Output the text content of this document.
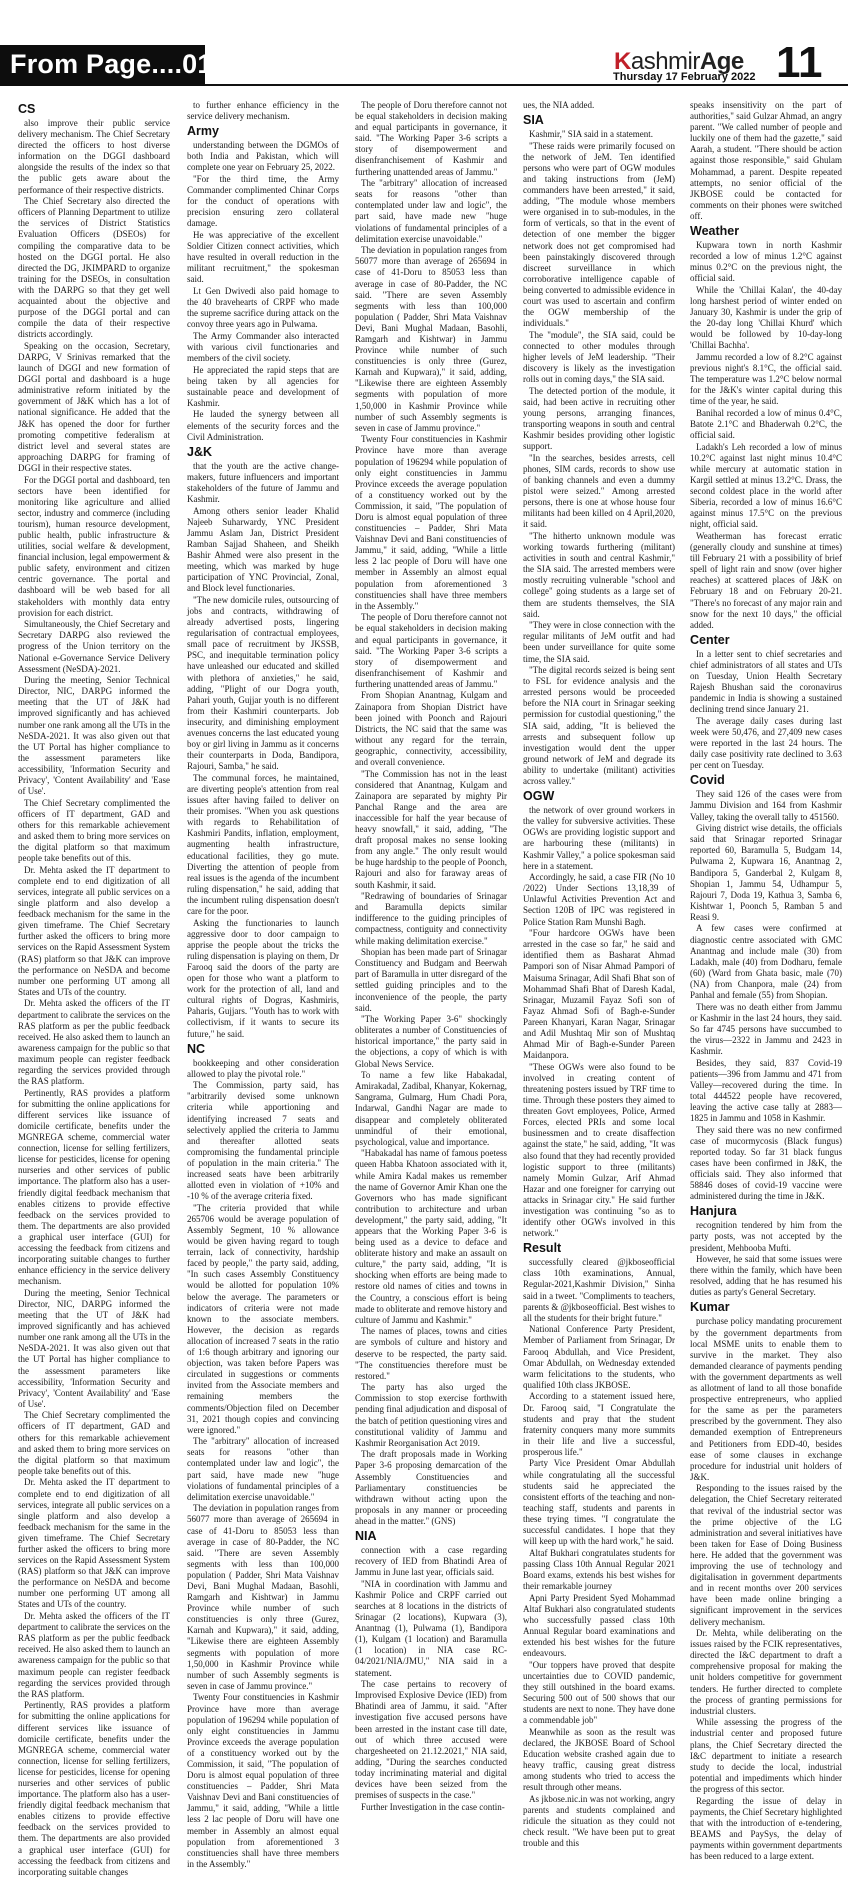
From Page....01	KashmirAge
Thursday 17 February 2022 11
CS

also improve their public service delivery mechanism. The Chief Secretary directed the officers to host diverse information on the DGGI dashboard alongside the results of the index so that the public gets aware about the performance of their respective districts.

The Chief Secretary also directed the officers of Planning Department to utilize the services of District Statistics Evaluation Officers (DSEOs) for compiling the comparative data to be hosted on the DGGI portal. He also directed the DG, JKIMPARD to organize training for the DSEOs, in consultation with the DARPG so that they get well acquainted about the objective and purpose of the DGGI portal and can compile the data of their respective districts accordingly.

Speaking on the occasion, Secretary, DARPG, V Srinivas remarked that the launch of DGGI and new formation of DGGI portal and dashboard is a huge administrative reform initiated by the government of J&K which has a lot of national significance. He added that the J&K has opened the door for further promoting competitive federalism at district level and several states are approaching DARPG for framing of DGGI in their respective states.

For the DGGI portal and dashboard, ten sectors have been identified for monitoring like agriculture and allied sector, industry and commerce (including tourism), human resource development, public health, public infrastructure & utilities, social welfare & development, financial inclusion, legal empowerment & public safety, environment and citizen centric governance. The portal and dashboard will be web based for all stakeholders with monthly data entry provision for each district.

Simultaneously, the Chief Secretary and Secretary DARPG also reviewed the progress of the Union territory on the National e-Governance Service Delivery Assessment (NeSDA)-2021.

During the meeting, Senior Technical Director, NIC, DARPG informed the meeting that the UT of J&K had improved significantly and has achieved number one rank among all the UTs in the NeSDA-2021. It was also given out that the UT Portal has higher compliance to the assessment parameters like accessibility, 'Information Security and Privacy', 'Content Availability' and 'Ease of Use'.

The Chief Secretary complimented the officers of IT department, GAD and others for this remarkable achievement and asked them to bring more services on the digital platform so that maximum people take benefits out of this.

Dr. Mehta asked the IT department to complete end to end digitization of all services, integrate all public services on a single platform and also develop a feedback mechanism for the same in the given timeframe. The Chief Secretary further asked the officers to bring more services on the Rapid Assessment System (RAS) platform so that J&K can improve the performance on NeSDA and become number one performing UT among all States and UTs of the country.

Dr. Mehta asked the officers of the IT department to calibrate the services on the RAS platform as per the public feedback received. He also asked them to launch an awareness campaign for the public so that maximum people can register feedback regarding the services provided through the RAS platform.

Pertinently, RAS provides a platform for submitting the online applications for different services like issuance of domicile certificate, benefits under the MGNREGA scheme, commercial water connection, license for selling fertilizers, license for pesticides, license for opening nurseries and other services of public importance. The platform also has a user-friendly digital feedback mechanism that enables citizens to provide effective feedback on the services provided to them. The departments are also provided a graphical user interface (GUI) for accessing the feedback from citizens and incorporating suitable changes to further enhance efficiency in the service delivery mechanism.

During the meeting, Senior Technical Director, NIC, DARPG informed the meeting that the UT of J&K had improved significantly and has achieved number one rank among all the UTs in the NeSDA-2021. It was also given out that the UT Portal has higher compliance to the assessment parameters like accessibility, 'Information Security and Privacy', 'Content Availability' and 'Ease of Use'.

The Chief Secretary complimented the officers of IT department, GAD and others for this remarkable achievement and asked them to bring more services on the digital platform so that maximum people take benefits out of this.

Dr. Mehta asked the IT department to complete end to end digitization of all services, integrate all public services on a single platform and also develop a feedback mechanism for the same in the given timeframe. The Chief Secretary further asked the officers to bring more services on the Rapid Assessment System (RAS) platform so that J&K can improve the performance on NeSDA and become number one performing UT among all States and UTs of the country.

Dr. Mehta asked the officers of the IT department to calibrate the services on the RAS platform as per the public feedback received. He also asked them to launch an awareness campaign for the public so that maximum people can register feedback regarding the services provided through the RAS platform.

Pertinently, RAS provides a platform for submitting the online applications for different services like issuance of domicile certificate, benefits under the MGNREGA scheme, commercial water connection, license for selling fertilizers, license for pesticides, license for opening nurseries and other services of public importance. The platform also has a user-friendly digital feedback mechanism that enables citizens to provide effective feedback on the services provided to them. The departments are also provided a graphical user interface (GUI) for accessing the feedback from citizens and incorporating suitable changes

to further enhance efficiency in the service delivery mechanism.

Army

understanding between the DGMOs of both India and Pakistan, which will complete one year on February 25, 2022.

"For the third time, the Army Commander complimented Chinar Corps for the conduct of operations with precision ensuring zero collateral damage.

He was appreciative of the excellent Soldier Citizen connect activities, which have resulted in overall reduction in the militant recruitment," the spokesman said.

Lt Gen Dwivedi also paid homage to the 40 bravehearts of CRPF who made the supreme sacrifice during attack on the convoy three years ago in Pulwama.

The Army Commander also interacted with various civil functionaries and members of the civil society.

He appreciated the rapid steps that are being taken by all agencies for sustainable peace and development of Kashmir.

He lauded the synergy between all elements of the security forces and the Civil Administration.

J&K

that the youth are the active change-makers, future influencers and important stakeholders of the future of Jammu and Kashmir.

Among others senior leader Khalid Najeeb Suharwardy, YNC President Jammu Aslam Jan, District President Ramban Sajjad Shaheen, and Sheikh Bashir Ahmed were also present in the meeting, which was marked by huge participation of YNC Provincial, Zonal, and Block level functionaries.

"The new domicile rules, outsourcing of jobs and contracts, withdrawing of already advertised posts, lingering regularisation of contractual employees, small pace of recruitment by JKSSB, PSC, and inequitable termination policy have unleashed our educated and skilled with plethora of anxieties," he said, adding, "Plight of our Dogra youth, Pahari youth, Gujjar youth is no different from their Kashmiri counterparts. Job insecurity, and diminishing employment avenues concerns the last educated young boy or girl living in Jammu as it concerns their counterparts in Doda, Bandipora, Rajouri, Samba," he said.

The communal forces, he maintained, are diverting people's attention from real issues after having failed to deliver on their promises. "When you ask questions with regards to Rehabilitation of Kashmiri Pandits, inflation, employment, augmenting health infrastructure, educational facilities, they go mute. Diverting the attention of people from real issues is the agenda of the incumbent ruling dispensation," he said, adding that the incumbent ruling dispensation doesn't care for the poor.

Asking the functionaries to launch aggressive door to door campaign to apprise the people about the tricks the ruling dispensation is playing on them, Dr Farooq said the doors of the party are open for those who want a platform to work for the protection of all, land and cultural rights of Dogras, Kashmiris, Paharis, Gujjars. "Youth has to work with collectivism, if it wants to secure its future," he said.

NC

bookkeeping and other consideration allowed to play the pivotal role."

The Commission, party said, has "arbitrarily devised some unknown criteria while apportioning and identifying increased 7 seats and selectively applied the criteria to Jammu and thereafter allotted seats compromising the fundamental principle of population in the main criteria." The increased seats have been arbitrarily allotted even in violation of +10% and -10 % of the average criteria fixed.

"The criteria provided that while 265706 would be average population of Assembly Segment, 10 % allowance would be given having regard to tough terrain, lack of connectivity, hardship faced by people," the party said, adding, "In such cases Assembly Constituency would be allotted for population 10% below the average. The parameters or indicators of criteria were not made known to the associate members. However, the decision as regards allocation of increased 7 seats in the ratio of 1:6 though arbitrary and ignoring our objection, was taken before Papers was circulated in suggestions or comments invited from the Associate members and remaining members the comments/Objection filed on December 31, 2021 though copies and convincing were ignored."

The "arbitrary" allocation of increased seats for reasons "other than contemplated under law and logic", the part said, have made new "huge violations of fundamental principles of a delimitation exercise unavoidable."

The deviation in population ranges from 56077 more than average of 265694 in case of 41-Doru to 85053 less than average in case of 80-Padder, the NC said. "There are seven Assembly segments with less than 100,000 population ( Padder, Shri Mata Vaishnav Devi, Bani Mughal Madaan, Basohli, Ramgarh and Kishtwar) in Jammu Province while number of such constituencies is only three (Gurez, Karnah and Kupwara)," it said, adding, "Likewise there are eighteen Assembly segments with population of more 1,50,000 in Kashmir Province while number of such Assembly segments is seven in case of Jammu province."

Twenty Four constituencies in Kashmir Province have more than average population of 196294 while population of only eight constituencies in Jammu Province exceeds the average population of a constituency worked out by the Commission, it said, "The population of Doru is almost equal population of three constituencies – Padder, Shri Mata Vaishnav Devi and Bani constituencies of Jammu," it said, adding, "While a little less 2 lac people of Doru will have one member in Assembly an almost equal population from aforementioned 3 constituencies shall have three members in the Assembly."

The people of Doru therefore cannot not be equal stakeholders in decision making and equal participants in governance, it said. "The Working Paper 3-6 scripts a story of disempowerment and disenfranchisement of Kashmir and furthering unattended areas of Jammu."

The "arbitrary" allocation of increased seats for reasons "other than contemplated under law and logic", the part said, have made new "huge violations of fundamental principles of a delimitation exercise unavoidable."

The deviation in population ranges from 56077 more than average of 265694 in case of 41-Doru to 85053 less than average in case of 80-Padder, the NC said. "There are seven Assembly segments with less than 100,000 population ( Padder, Shri Mata Vaishnav Devi, Bani Mughal Madaan, Basohli, Ramgarh and Kishtwar) in Jammu Province while number of such constituencies is only three (Gurez, Karnah and Kupwara)," it said, adding, "Likewise there are eighteen Assembly segments with population of more 1,50,000 in Kashmir Province while number of such Assembly segments is seven in case of Jammu province."

Twenty Four constituencies in Kashmir Province have more than average population of 196294 while population of only eight constituencies in Jammu Province exceeds the average population of a constituency worked out by the Commission, it said, "The population of Doru is almost equal population of three constituencies – Padder, Shri Mata Vaishnav Devi and Bani constituencies of Jammu," it said, adding, "While a little less 2 lac people of Doru will have one member in Assembly an almost equal population from aforementioned 3 constituencies shall have three members in the Assembly."

The people of Doru therefore cannot not be equal stakeholders in decision making and equal participants in governance, it said. "The Working Paper 3-6 scripts a story of disempowerment and disenfranchisement of Kashmir and furthering unattended areas of Jammu."

From Shopian Anantnag, Kulgam and Zainapora from Shopian District have been joined with Poonch and Rajouri Districts, the NC said that the same was without any regard for the terrain, geographic, connectivity, accessibility, and overall convenience.

"The Commission has not in the least considered that Anantnag, Kulgam and Zainapora are separated by mighty Pir Panchal Range and the area are inaccessible for half the year because of heavy snowfall," it said, adding, "The draft proposal makes no sense looking from any angle." The only result would be huge hardship to the people of Poonch, Rajouri and also for faraway areas of south Kashmir, it said.

"Redrawing of boundaries of Srinagar and Baramulla depicts similar indifference to the guiding principles of compactness, contiguity and connectivity while making delimitation exercise."

Shopian has been made part of Srinagar Constituency and Budgam and Beerwah part of Baramulla in utter disregard of the settled guiding principles and to the inconvenience of the people, the party said.

"The Working Paper 3-6" shockingly obliterates a number of Constituencies of historical importance," the party said in the objections, a copy of which is with Global News Service.

To name a few like Habakadal, Amirakadal, Zadibal, Khanyar, Kokernag, Sangrama, Gulmarg, Hum Chadi Pora, Indarwal, Gandhi Nagar are made to disappear and completely obliterated unmindful of their emotional, psychological, value and importance.

"Habakadal has name of famous poetess queen Habba Khatoon associated with it, while Amira Kadal makes us remember the name of Governor Amir Khan one the Governors who has made significant contribution to architecture and urban development," the party said, adding, "It appears that the Working Paper 3-6 is being used as a device to deface and obliterate history and make an assault on culture," the party said, adding, "It is shocking when efforts are being made to restore old names of cities and towns in the Country, a conscious effort is being made to obliterate and remove history and culture of Jammu and Kashmir."

The names of places, towns and cities are symbols of culture and history and deserve to be respected, the party said. "The constituencies therefore must be restored."

The party has also urged the Commission to stop exercise forthwith pending final adjudication and disposal of the batch of petition questioning vires and constitutional validity of Jammu and Kashmir Reorganisation Act 2019.

The draft proposals made in Working Paper 3-6 proposing demarcation of the Assembly Constituencies and Parliamentary constituencies be withdrawn without acting upon the proposals in any manner or proceeding ahead in the matter." (GNS)

NIA

connection with a case regarding recovery of IED from Bhatindi Area of Jammu in June last year, officials said.

"NIA in coordination with Jammu and Kashmir Police and CRPF carried out searches at 8 locations in the districts of Srinagar (2 locations), Kupwara (3), Anantnag (1), Pulwama (1), Bandipora (1), Kulgam (1 location) and Baramulla (1 location) in NIA case RC-04/2021/NIA/JMU," NIA said in a statement.

The case pertains to recovery of Improvised Explosive Device (IED) from Bhatindi area of Jammu, it said. "After investigation five accused persons have been arrested in the instant case till date, out of which three accused were chargesheeted on 21.12.2021," NIA said, adding, "During the searches conducted today incriminating material and digital devices have been seized from the premises of suspects in the case."

Further Investigation in the case contin-

ues, the NIA added.

SIA

Kashmir," SIA said in a statement.

"These raids were primarily focused on the network of JeM. Ten identified persons who were part of OGW modules and taking instructions from (JeM) commanders have been arrested," it said, adding, "The module whose members were organised in to sub-modules, in the form of verticals, so that in the event of detection of one member the bigger network does not get compromised had been painstakingly discovered through discreet surveillance in which corroborative intelligence capable of being converted to admissible evidence in court was used to ascertain and confirm the OGW membership of the individuals."

The "module", the SIA said, could be connected to other modules through higher levels of JeM leadership. "Their discovery is likely as the investigation rolls out in coming days," the SIA said.

The detected portion of the module, it said, had been active in recruiting other young persons, arranging finances, transporting weapons in south and central Kashmir besides providing other logistic support.

"In the searches, besides arrests, cell phones, SIM cards, records to show use of banking channels and even a dummy pistol were seized." Among arrested persons, there is one at whose house four militants had been killed on 4 April,2020, it said.

"The hitherto unknown module was working towards furthering (militant) activities in south and central Kashmir," the SIA said. The arrested members were mostly recruiting vulnerable "school and college" going students as a large set of them are students themselves, the SIA said.

"They were in close connection with the regular militants of JeM outfit and had been under surveillance for quite some time, the SIA said.

"The digital records seized is being sent to FSL for evidence analysis and the arrested persons would be proceeded before the NIA court in Srinagar seeking permission for custodial questioning," the SIA said, adding, "It is believed the arrests and subsequent follow up investigation would dent the upper ground network of JeM and degrade its ability to undertake (militant) activities across valley."

OGW

the network of over ground workers in the valley for subversive activities. These OGWs are providing logistic support and are harbouring these (militants) in Kashmir Valley," a police spokesman said here in a statement.

Accordingly, he said, a case FIR (No 10 /2022) Under Sections 13,18,39 of Unlawful Activities Prevention Act and Section 120B of IPC was registered in Police Station Ram Munshi Bagh.

"Four hardcore OGWs have been arrested in the case so far," he said and identified them as Basharat Ahmad Pampori son of Nisar Ahmad Pampori of Maisuma Srinagar, Adil Shafi Bhat son of Mohammad Shafi Bhat of Daresh Kadal, Srinagar, Muzamil Fayaz Sofi son of Fayaz Ahmad Sofi of Bagh-e-Sunder Pareen Khanyari, Karan Nagar, Srinagar and Adil Mushtaq Mir son of Mushtaq Ahmad Mir of Bagh-e-Sunder Pareen Maidanpora.

"These OGWs were also found to be involved in creating content of threatening posters issued by TRF time to time. Through these posters they aimed to threaten Govt employees, Police, Armed Forces, elected PRIs and some local businessmen and to create disaffection against the state," he said, adding, "It was also found that they had recently provided logistic support to three (militants) namely Momin Gulzar, Arif Ahmad Hazar and one foreigner for carrying out attacks in Srinagar city." He said further investigation was continuing "so as to identify other OGWs involved in this network."

Result

successfully cleared @jkboseofficial class 10th examinations, Annual, Regular-2021,Kashmir Division," Sinha said in a tweet. "Compliments to teachers, parents & @jkboseofficial. Best wishes to all the students for their bright future."

National Conference Party President, Member of Parliament from Srinagar, Dr Farooq Abdullah, and Vice President, Omar Abdullah, on Wednesday extended warm felicitations to the students, who qualified 10th class JKBOSE.

According to a statement issued here, Dr. Farooq said, "I Congratulate the students and pray that the student fraternity conquers many more summits in their life and live a successful, prosperous life."

Party Vice President Omar Abdullah while congratulating all the successful students said he appreciated the consistent efforts of the teaching and non-teaching staff, students and parents in these trying times. "I congratulate the successful candidates. I hope that they will keep up with the hard work," he said.

Altaf Bukhari congratulates students for passing Class 10th Annual Regular 2021 Board exams, extends his best wishes for their remarkable journey

Apni Party President Syed Mohammad Altaf Bukhari also congratulated students who successfully passed class 10th Annual Regular board examinations and extended his best wishes for the future endeavours.

"Our toppers have proved that despite uncertainties due to COVID pandemic, they still outshined in the board exams. Securing 500 out of 500 shows that our students are next to none. They have done a commendable job"

Meanwhile as soon as the result was declared, the JKBOSE Board of School Education website crashed again due to heavy traffic, causing great distress among students who tried to access the result through other means.

As jkbose.nic.in was not working, angry parents and students complained and ridicule the situation as they could not check result. "We have been put to great trouble and this

speaks insensitivity on the part of authorities," said Gulzar Ahmad, an angry parent. "We called number of people and luckily one of them had the gazette," said Aarah, a student. "There should be action against those responsible," said Ghulam Mohammad, a parent. Despite repeated attempts, no senior official of the JKBOSE could be contacted for comments on their phones were switched off.

Weather

Kupwara town in north Kashmir recorded a low of minus 1.2°C against minus 0.2°C on the previous night, the official said.

While the 'Chillai Kalan', the 40-day long harshest period of winter ended on January 30, Kashmir is under the grip of the 20-day long 'Chillai Khurd' which would be followed by 10-day-long 'Chillai Bachha'.

Jammu recorded a low of 8.2°C against previous night's 8.1°C, the official said. The temperature was 1.2°C below normal for the J&K's winter capital during this time of the year, he said.

Banihal recorded a low of minus 0.4°C, Batote 2.1°C and Bhaderwah 0.2°C, the official said.

Ladakh's Leh recorded a low of minus 10.2°C against last night minus 10.4°C while mercury at automatic station in Kargil settled at minus 13.2°C. Drass, the second coldest place in the world after Siberia, recorded a low of minus 16.6°C against minus 17.5°C on the previous night, official said.

Weatherman has forecast erratic (generally cloudy and sunshine at times) till February 21 with a possibility of brief spell of light rain and snow (over higher reaches) at scattered places of J&K on February 18 and on February 20-21. "There's no forecast of any major rain and snow for the next 10 days," the official added.

Center

In a letter sent to chief secretaries and chief administrators of all states and UTs on Tuesday, Union Health Secretary Rajesh Bhushan said the coronavirus pandemic in India is showing a sustained declining trend since January 21.

The average daily cases during last week were 50,476, and 27,409 new cases were reported in the last 24 hours. The daily case positivity rate declined to 3.63 per cent on Tuesday.

Covid

They said 126 of the cases were from Jammu Division and 164 from Kashmir Valley, taking the overall tally to 451560.

Giving district wise details, the officials said that Srinagar reported Srinagar reported 60, Baramulla 5, Budgam 14, Pulwama 2, Kupwara 16, Anantnag 2, Bandipora 5, Ganderbal 2, Kulgam 8, Shopian 1, Jammu 54, Udhampur 5, Rajouri 7, Doda 19, Kathua 3, Samba 6, Kishtwar 1, Poonch 5, Ramban 5 and Reasi 9.

A few cases were confirmed at diagnostic centre associated with GMC Anantnag and include male (30) from Ladakh, male (40) from Dodharu, female (60) (Ward from Ghata basic, male (70) (NA) from Chanpora, male (24) from Panhal and female (55) from Shopian.

There was no death either from Jammu or Kashmir in the last 24 hours, they said. So far 4745 persons have succumbed to the virus—2322 in Jammu and 2423 in Kashmir.

Besides, they said, 837 Covid-19 patients—396 from Jammu and 471 from Valley—recovered during the time. In total 444522 people have recovered, leaving the active case tally at 2883—1825 in Jammu and 1058 in Kashmir.

They said there was no new confirmed case of mucormycosis (Black fungus) reported today. So far 31 black fungus cases have been confirmed in J&K, the officials said. They also informed that 58846 doses of covid-19 vaccine were administered during the time in J&K.

Hanjura

recognition tendered by him from the party posts, was not accepted by the president, Mehbooba Mufti.

However, he said that some issues were there within the family, which have been resolved, adding that he has resumed his duties as party's General Secretary.

Kumar

purchase policy mandating procurement by the government departments from local MSME units to enable them to survive in the market. They also demanded clearance of payments pending with the government departments as well as allotment of land to all those bonafide prospective entrepreneurs, who applied for the same as per the parameters prescribed by the government. They also demanded exemption of Entrepreneurs and Petitioners from EDD-40, besides ease of some clauses in exchange procedure for industrial unit holders of J&K.

Responding to the issues raised by the delegation, the Chief Secretary reiterated that revival of the industrial sector was the prime objective of the LG administration and several initiatives have been taken for Ease of Doing Business here. He added that the government was improving the use of technology and digitalisation in government departments and in recent months over 200 services have been made online bringing a significant improvement in the services delivery mechanism.

Dr. Mehta, while deliberating on the issues raised by the FCIK representatives, directed the I&C department to draft a comprehensive proposal for making the unit holders competitive for government tenders. He further directed to complete the process of granting permissions for industrial clusters.

While assessing the progress of the industrial center and proposed future plans, the Chief Secretary directed the I&C department to initiate a research study to decide the local, industrial potential and impediments which hinder the progress of this sector.

Regarding the issue of delay in payments, the Chief Secretary highlighted that with the introduction of e-tendering, BEAMS and PaySys, the delay of payments within government departments has been reduced to a large extent.
